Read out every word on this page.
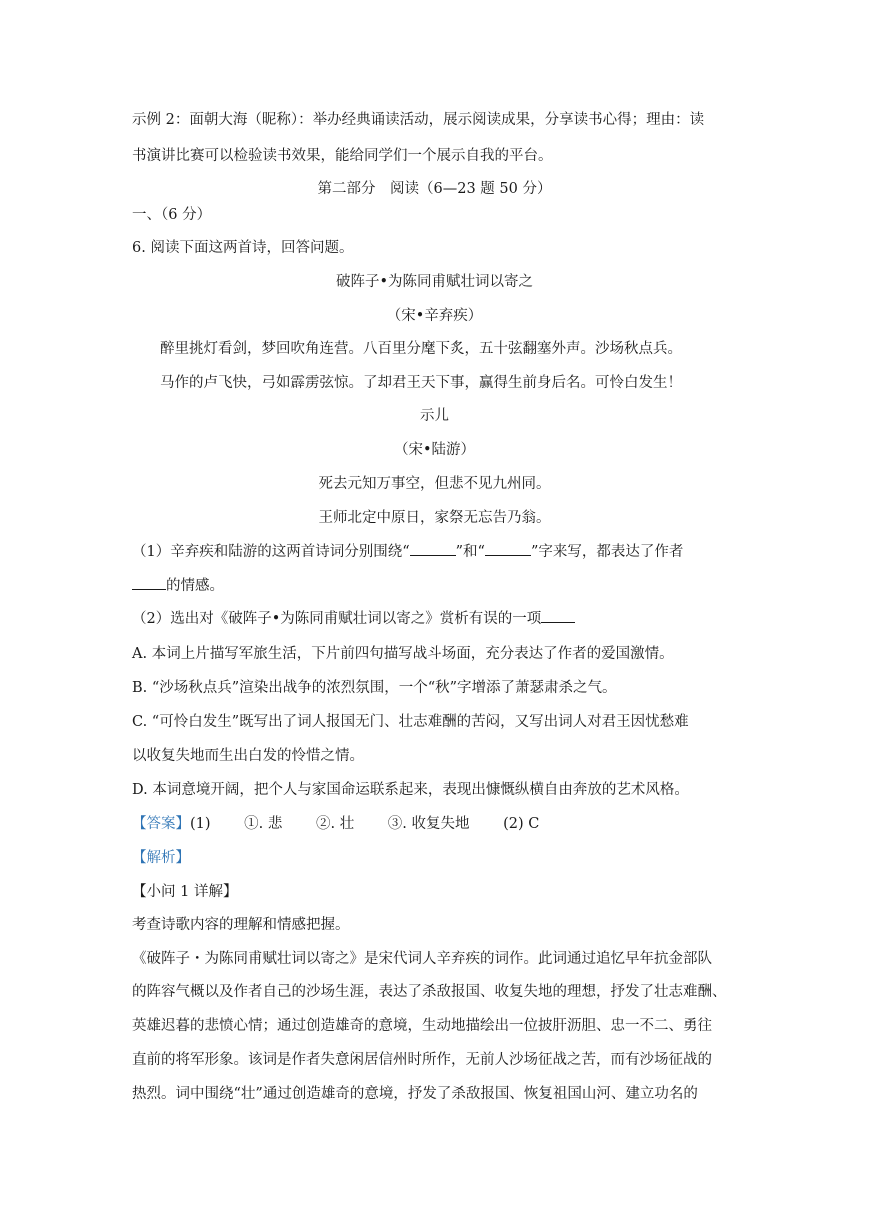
示例 2：面朝大海（昵称）：举办经典诵读活动，展示阅读成果，分享读书心得；理由：读
书演讲比赛可以检验读书效果，能给同学们一个展示自我的平台。
第二部分　阅读（6—23 题 50 分）
一、（6 分）
6. 阅读下面这两首诗，回答问题。
破阵子•为陈同甫赋壮词以寄之
（宋•辛弃疾）
醉里挑灯看剑，梦回吹角连营。八百里分麾下炙，五十弦翻塞外声。沙场秋点兵。
马作的卢飞快，弓如霹雳弦惊。了却君王天下事，赢得生前身后名。可怜白发生！
示儿
（宋•陆游）
死去元知万事空，但悲不见九州同。
王师北定中原日，家祭无忘告乃翁。
（1）辛弃疾和陆游的这两首诗词分别围绕“	”和“	”字来写，都表达了作者
的情感。
（2）选出对《破阵子•为陈同甫赋壮词以寄之》赏析有误的一项
A. 本词上片描写军旅生活，下片前四句描写战斗场面，充分表达了作者的爱国激情。
B. “沙场秋点兵”渲染出战争的浓烈氛围，一个“秋”字增添了萧瑟肃杀之气。
C. “可怜白发生”既写出了词人报国无门、壮志难酬的苦闷，又写出词人对君王因忧愁难
以收复失地而生出白发的怜惜之情。
D. 本词意境开阔，把个人与家国命运联系起来，表现出慷慨纵横自由奔放的艺术风格。
【答案】(1)　　 ①. 悲　　 ②. 壮　　 ③. 收复失地　　 (2) C
【解析】
【小问 1 详解】
考查诗歌内容的理解和情感把握。
《破阵子・为陈同甫赋壮词以寄之》是宋代词人辛弃疾的词作。此词通过追忆早年抗金部队
的阵容气概以及作者自己的沙场生涯，表达了杀敌报国、收复失地的理想，抒发了壮志难酬、
英雄迟暮的悲愤心情；通过创造雄奇的意境，生动地描绘出一位披肝沥胆、忠一不二、勇往
直前的将军形象。该词是作者失意闲居信州时所作，无前人沙场征战之苦，而有沙场征战的
热烈。词中围绕“壮”通过创造雄奇的意境，抒发了杀敌报国、恢复祖国山河、建立功名的
